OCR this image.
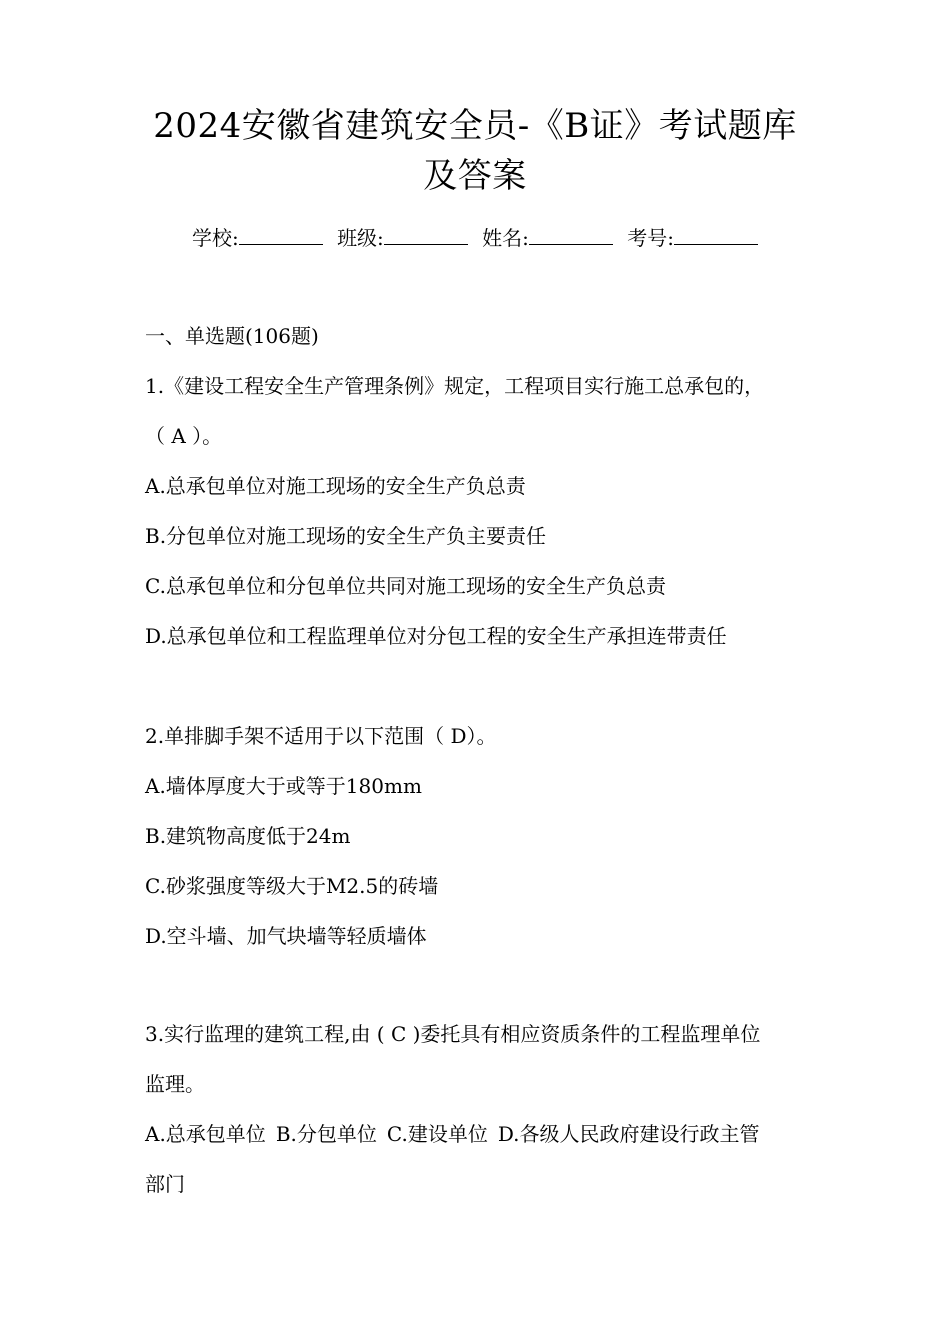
2024安徽省建筑安全员-《B证》考试题库
及答案
学校:	班级:	姓名:	考号:
一、单选题(106题)
1.《建设工程安全生产管理条例》规定，工程项目实行施工总承包的，
（ A ）。
A.总承包单位对施工现场的安全生产负总责
B.分包单位对施工现场的安全生产负主要责任
C.总承包单位和分包单位共同对施工现场的安全生产负总责
D.总承包单位和工程监理单位对分包工程的安全生产承担连带责任
2.单排脚手架不适用于以下范围（ D）。
A.墙体厚度大于或等于180mm
B.建筑物高度低于24m
C.砂浆强度等级大于M2.5的砖墙
D.空斗墙、加气块墙等轻质墙体
3.实行监理的建筑工程,由 ( C )委托具有相应资质条件的工程监理单位
监理。
A.总承包单位 B.分包单位 C.建设单位 D.各级人民政府建设行政主管
部门
